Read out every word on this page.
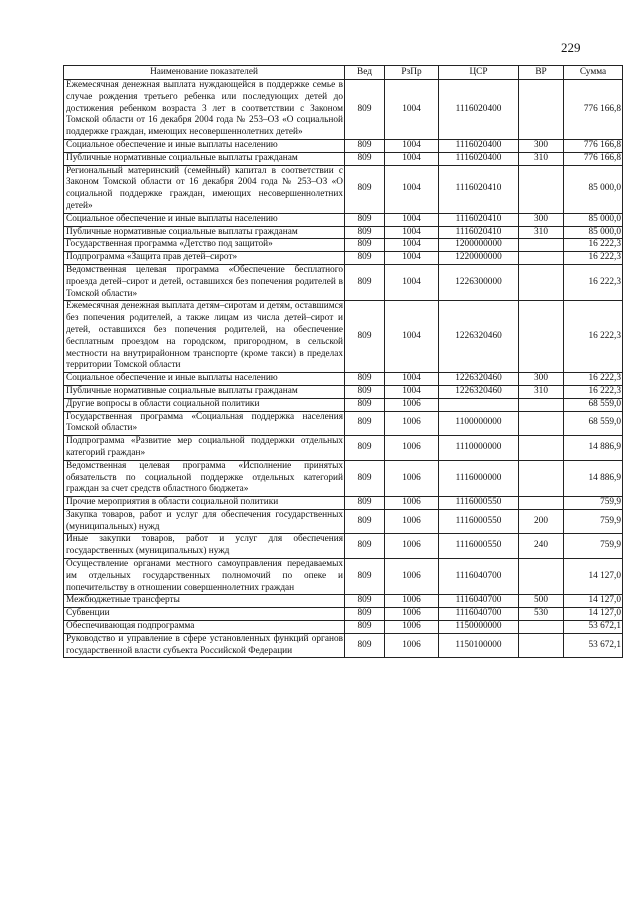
229
Наименование показателей	Вед	РзПр	ЦСР	ВР	Сумма
Ежемесячная денежная выплата нуждающейся в поддержке семье в случае рождения третьего ребенка или последующих детей до достижения ребенком возраста 3 лет в соответствии с Законом Томской области от 16 декабря 2004 года № 253–ОЗ «О социальной поддержке граждан, имеющих несовершеннолетних детей»	809	1004	1116020400		776 166,8
Социальное обеспечение и иные выплаты населению	809	1004	1116020400	300	776 166,8
Публичные нормативные социальные выплаты гражданам	809	1004	1116020400	310	776 166,8
Региональный материнский (семейный) капитал в соответствии с Законом Томской области от 16 декабря 2004 года № 253–ОЗ «О социальной поддержке граждан, имеющих несовершеннолетних детей»	809	1004	1116020410		85 000,0
Социальное обеспечение и иные выплаты населению	809	1004	1116020410	300	85 000,0
Публичные нормативные социальные выплаты гражданам	809	1004	1116020410	310	85 000,0
Государственная программа «Детство под защитой»	809	1004	1200000000		16 222,3
Подпрограмма «Защита прав детей–сирот»	809	1004	1220000000		16 222,3
Ведомственная целевая программа «Обеспечение бесплатного проезда детей–сирот и детей, оставшихся без попечения родителей в Томской области»	809	1004	1226300000		16 222,3
Ежемесячная денежная выплата детям–сиротам и детям, оставшимся без попечения родителей, а также лицам из числа детей–сирот и детей, оставшихся без попечения родителей, на обеспечение бесплатным проездом на городском, пригородном, в сельской местности на внутрирайонном транспорте (кроме такси) в пределах территории Томской области	809	1004	1226320460		16 222,3
Социальное обеспечение и иные выплаты населению	809	1004	1226320460	300	16 222,3
Публичные нормативные социальные выплаты гражданам	809	1004	1226320460	310	16 222,3
Другие вопросы в области социальной политики	809	1006			68 559,0
Государственная программа «Социальная поддержка населения Томской области»	809	1006	1100000000		68 559,0
Подпрограмма «Развитие мер социальной поддержки отдельных категорий граждан»	809	1006	1110000000		14 886,9
Ведомственная целевая программа «Исполнение принятых обязательств по социальной поддержке отдельных категорий граждан за счет средств областного бюджета»	809	1006	1116000000		14 886,9
Прочие мероприятия в области социальной политики	809	1006	1116000550		759,9
Закупка товаров, работ и услуг для обеспечения государственных (муниципальных) нужд	809	1006	1116000550	200	759,9
Иные закупки товаров, работ и услуг для обеспечения государственных (муниципальных) нужд	809	1006	1116000550	240	759,9
Осуществление органами местного самоуправления передаваемых им отдельных государственных полномочий по опеке и попечительству в отношении совершеннолетних граждан	809	1006	1116040700		14 127,0
Межбюджетные трансферты	809	1006	1116040700	500	14 127,0
Субвенции	809	1006	1116040700	530	14 127,0
Обеспечивающая подпрограмма	809	1006	1150000000		53 672,1
Руководство и управление в сфере установленных функций органов государственной власти субъекта Российской Федерации	809	1006	1150100000		53 672,1
